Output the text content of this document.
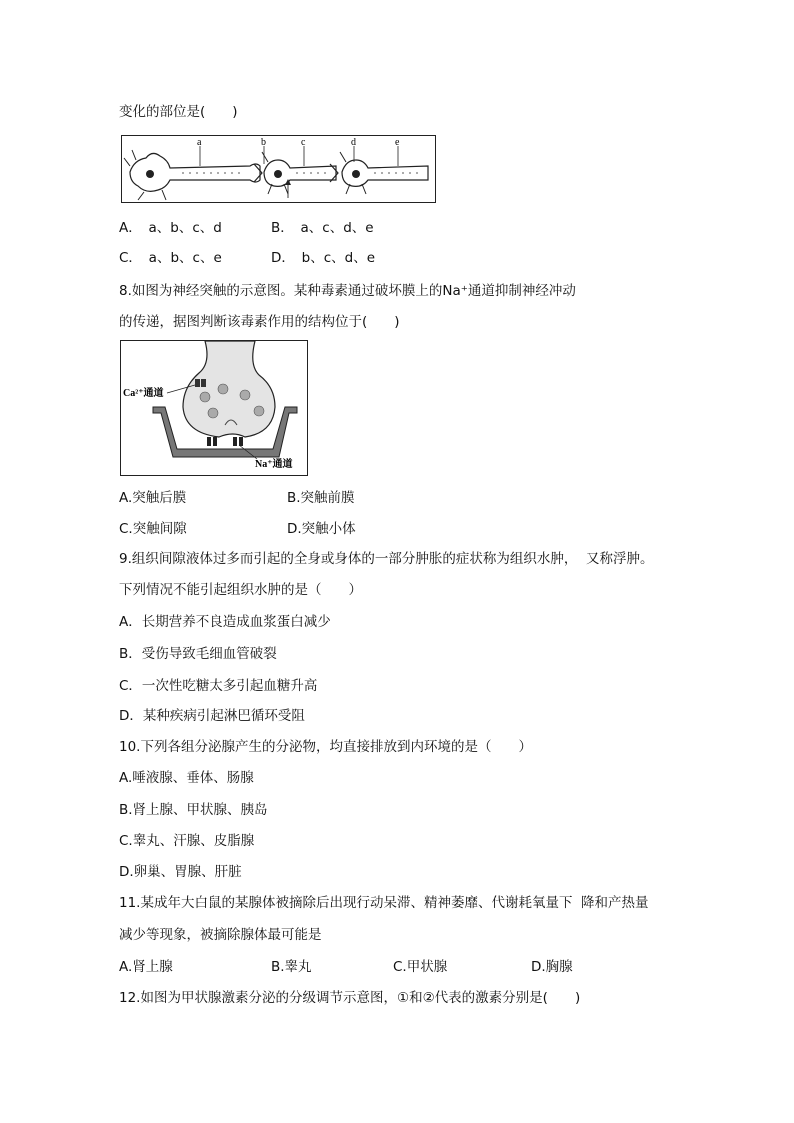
变化的部位是(　　)
a	b	c	d	e
A．　a、b、c、d	B．　a、c、d、e
C．　a、b、c、e	D．　b、c、d、e
8.如图为神经突触的示意图。某种毒素通过破坏膜上的Na⁺通道抑制神经冲动
的传递，据图判断该毒素作用的结构位于(　　)
Ca²⁺通道
Na⁺通道
A.突触后膜	B.突触前膜
C.突触间隙	D.突触小体
9.组织间隙液体过多而引起的全身或身体的一部分肿胀的症状称为组织水肿，  又称浮肿。
下列情况不能引起组织水肿的是（　　）
A．长期营养不良造成血浆蛋白减少
B．受伤导致毛细血管破裂
C．一次性吃糖太多引起血糖升高
D．某种疾病引起淋巴循环受阻
10.下列各组分泌腺产生的分泌物，均直接排放到内环境的是（　　）
A.唾液腺、垂体、肠腺
B.肾上腺、甲状腺、胰岛
C.睾丸、汗腺、皮脂腺
D.卵巢、胃腺、肝脏
11.某成年大白鼠的某腺体被摘除后出现行动呆滞、精神萎靡、代谢耗氧量下  降和产热量
减少等现象，被摘除腺体最可能是
A.肾上腺	B.睾丸	C.甲状腺	D.胸腺
12.如图为甲状腺激素分泌的分级调节示意图，①和②代表的激素分别是(　　)
